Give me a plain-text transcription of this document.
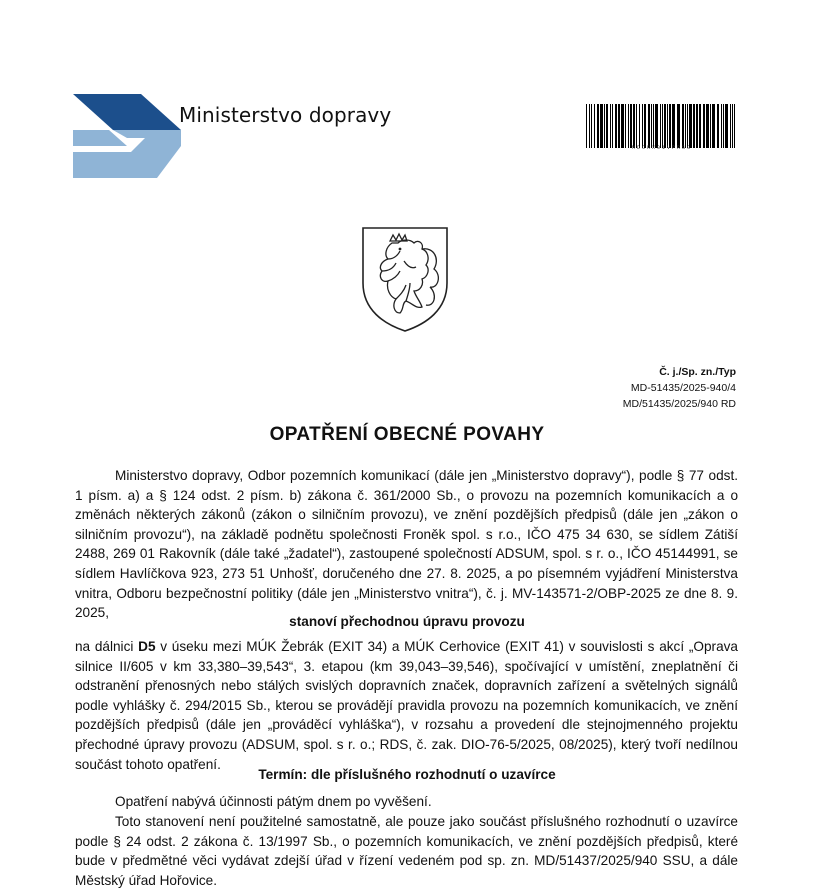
Ministerstvo dopravy
MDCRX01VPRSG
Č. j./Sp. zn./Typ
MD-51435/2025-940/4
MD/51435/2025/940 RD
OPATŘENÍ OBECNÉ POVAHY
Ministerstvo dopravy, Odbor pozemních komunikací (dále jen „Ministerstvo dopravy“), podle § 77 odst. 1 písm. a) a § 124 odst. 2 písm. b) zákona č. 361/2000 Sb., o provozu na pozemních komunikacích a o změnách některých zákonů (zákon o silničním provozu), ve znění pozdějších předpisů (dále jen „zákon o silničním provozu“), na základě podnětu společnosti Froněk spol. s r.o., IČO 475 34 630, se sídlem Zátiší 2488, 269 01 Rakovník (dále také „žadatel“), zastoupené společností ADSUM, spol. s r. o., IČO 45144991, se sídlem Havlíčkova 923, 273 51 Unhošť, doručeného dne 27. 8. 2025, a po písemném vyjádření Ministerstva vnitra, Odboru bezpečnostní politiky (dále jen „Ministerstvo vnitra“), č. j. MV-143571-2/OBP-2025 ze dne 8. 9. 2025,
stanoví přechodnou úpravu provozu
na dálnici D5 v úseku mezi MÚK Žebrák (EXIT 34) a MÚK Cerhovice (EXIT 41) v souvislosti s akcí „Oprava silnice II/605 v km 33,380–39,543“, 3. etapou (km 39,043–39,546), spočívající v umístění, zneplatnění či odstranění přenosných nebo stálých svislých dopravních značek, dopravních zařízení a světelných signálů podle vyhlášky č. 294/2015 Sb., kterou se provádějí pravidla provozu na pozemních komunikacích, ve znění pozdějších předpisů (dále jen „prováděcí vyhláška“), v rozsahu a provedení dle stejnojmenného projektu přechodné úpravy provozu (ADSUM, spol. s r. o.; RDS, č. zak. DIO-76-5/2025, 08/2025), který tvoří nedílnou součást tohoto opatření.
Termín: dle příslušného rozhodnutí o uzavírce
Opatření nabývá účinnosti pátým dnem po vyvěšení.
Toto stanovení není použitelné samostatně, ale pouze jako součást příslušného rozhodnutí o uzavírce podle § 24 odst. 2 zákona č. 13/1997 Sb., o pozemních komunikacích, ve znění pozdějších předpisů, které bude v předmětné věci vydávat zdejší úřad v řízení vedeném pod sp. zn. MD/51437/2025/940 SSU, a dále Městský úřad Hořovice.
